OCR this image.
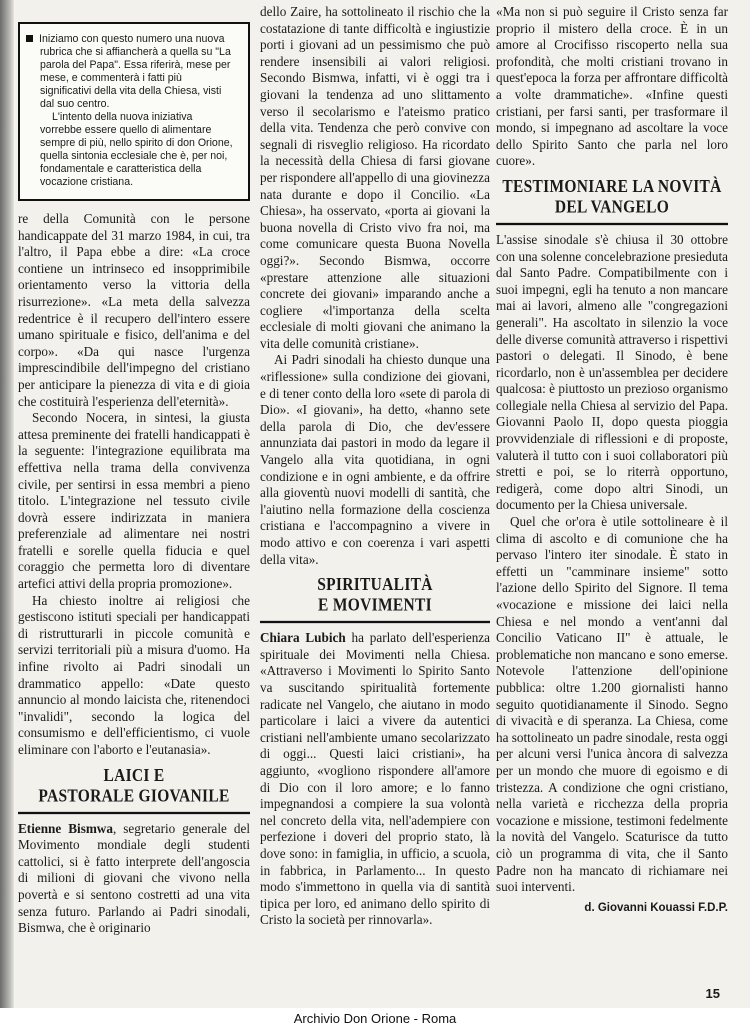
Iniziamo con questo numero una nuova rubrica che si affiancherà a quella su "La parola del Papa". Essa riferirà, mese per mese, e commenterà i fatti più significativi della vita della Chiesa, visti dal suo centro.

L'intento della nuova iniziativa vorrebbe essere quello di alimentare sempre di più, nello spirito di don Orione, quella sintonia ecclesiale che è, per noi, fondamentale e caratteristica della vocazione cristiana.

re della Comunità con le persone handicappate del 31 marzo 1984, in cui, tra l'altro, il Papa ebbe a dire: «La croce contiene un intrinseco ed insopprimibile orientamento verso la vittoria della risurrezione». «La meta della salvezza redentrice è il recupero dell'intero essere umano spirituale e fisico, dell'anima e del corpo». «Da qui nasce l'urgenza imprescindibile dell'impegno del cristiano per anticipare la pienezza di vita e di gioia che costituirà l'esperienza dell'eternità».

Secondo Nocera, in sintesi, la giusta attesa preminente dei fratelli handicappati è la seguente: l'integrazione equilibrata ma effettiva nella trama della convivenza civile, per sentirsi in essa membri a pieno titolo. L'integrazione nel tessuto civile dovrà essere indirizzata in maniera preferenziale ad alimentare nei nostri fratelli e sorelle quella fiducia e quel coraggio che permetta loro di diventare artefici attivi della propria promozione».

Ha chiesto inoltre ai religiosi che gestiscono istituti speciali per handicappati di ristrutturarli in piccole comunità e servizi territoriali più a misura d'uomo. Ha infine rivolto ai Padri sinodali un drammatico appello: «Date questo annuncio al mondo laicista che, ritenendoci "invalidi", secondo la logica del consumismo e dell'efficientismo, ci vuole eliminare con l'aborto e l'eutanasia».

LAICI E
PASTORALE GIOVANILE

Etienne Bismwa, segretario generale del Movimento mondiale degli studenti cattolici, si è fatto interprete dell'angoscia di milioni di giovani che vivono nella povertà e si sentono costretti ad una vita senza futuro. Parlando ai Padri sinodali, Bismwa, che è originario

dello Zaire, ha sottolineato il rischio che la costatazione di tante difficoltà e ingiustizie porti i giovani ad un pessimismo che può rendere insensibili ai valori religiosi. Secondo Bismwa, infatti, vi è oggi tra i giovani la tendenza ad uno slittamento verso il secolarismo e l'ateismo pratico della vita. Tendenza che però convive con segnali di risveglio religioso. Ha ricordato la necessità della Chiesa di farsi giovane per rispondere all'appello di una giovinezza nata durante e dopo il Concilio. «La Chiesa», ha osservato, «porta ai giovani la buona novella di Cristo vivo fra noi, ma come comunicare questa Buona Novella oggi?». Secondo Bismwa, occorre «prestare attenzione alle situazioni concrete dei giovani» imparando anche a cogliere «l'importanza della scelta ecclesiale di molti giovani che animano la vita delle comunità cristiane».

Ai Padri sinodali ha chiesto dunque una «riflessione» sulla condizione dei giovani, e di tener conto della loro «sete di parola di Dio». «I giovani», ha detto, «hanno sete della parola di Dio, che dev'essere annunziata dai pastori in modo da legare il Vangelo alla vita quotidiana, in ogni condizione e in ogni ambiente, e da offrire alla gioventù nuovi modelli di santità, che l'aiutino nella formazione della coscienza cristiana e l'accompagnino a vivere in modo attivo e con coerenza i vari aspetti della vita».

SPIRITUALITÀ
E MOVIMENTI

Chiara Lubich ha parlato dell'esperienza spirituale dei Movimenti nella Chiesa. «Attraverso i Movimenti lo Spirito Santo va suscitando spiritualità fortemente radicate nel Vangelo, che aiutano in modo particolare i laici a vivere da autentici cristiani nell'ambiente umano secolarizzato di oggi... Questi laici cristiani», ha aggiunto, «vogliono rispondere all'amore di Dio con il loro amore; e lo fanno impegnandosi a compiere la sua volontà nel concreto della vita, nell'adempiere con perfezione i doveri del proprio stato, là dove sono: in famiglia, in ufficio, a scuola, in fabbrica, in Parlamento... In questo modo s'immettono in quella via di santità tipica per loro, ed animano dello spirito di Cristo la società per rinnovarla».

«Ma non si può seguire il Cristo senza far proprio il mistero della croce. È in un amore al Crocifisso riscoperto nella sua profondità, che molti cristiani trovano in quest'epoca la forza per affrontare difficoltà a volte drammatiche». «Infine questi cristiani, per farsi santi, per trasformare il mondo, si impegnano ad ascoltare la voce dello Spirito Santo che parla nel loro cuore».

TESTIMONIARE LA NOVITÀ
DEL VANGELO

L'assise sinodale s'è chiusa il 30 ottobre con una solenne concelebrazione presieduta dal Santo Padre. Compatibilmente con i suoi impegni, egli ha tenuto a non mancare mai ai lavori, almeno alle "congregazioni generali". Ha ascoltato in silenzio la voce delle diverse comunità attraverso i rispettivi pastori o delegati. Il Sinodo, è bene ricordarlo, non è un'assemblea per decidere qualcosa: è piuttosto un prezioso organismo collegiale nella Chiesa al servizio del Papa. Giovanni Paolo II, dopo questa pioggia provvidenziale di riflessioni e di proposte, valuterà il tutto con i suoi collaboratori più stretti e poi, se lo riterrà opportuno, redigerà, come dopo altri Sinodi, un documento per la Chiesa universale.

Quel che or'ora è utile sottolineare è il clima di ascolto e di comunione che ha pervaso l'intero iter sinodale. È stato in effetti un "camminare insieme" sotto l'azione dello Spirito del Signore. Il tema «vocazione e missione dei laici nella Chiesa e nel mondo a vent'anni dal Concilio Vaticano II" è attuale, le problematiche non mancano e sono emerse. Notevole l'attenzione dell'opinione pubblica: oltre 1.200 giornalisti hanno seguito quotidianamente il Sinodo. Segno di vivacità e di speranza. La Chiesa, come ha sottolineato un padre sinodale, resta oggi per alcuni versi l'unica àncora di salvezza per un mondo che muore di egoismo e di tristezza. A condizione che ogni cristiano, nella varietà e ricchezza della propria vocazione e missione, testimoni fedelmente la novità del Vangelo. Scaturisce da tutto ciò un programma di vita, che il Santo Padre non ha mancato di richiamare nei suoi interventi.

d. Giovanni Kouassi F.D.P.
15
Archivio Don Orione - Roma
